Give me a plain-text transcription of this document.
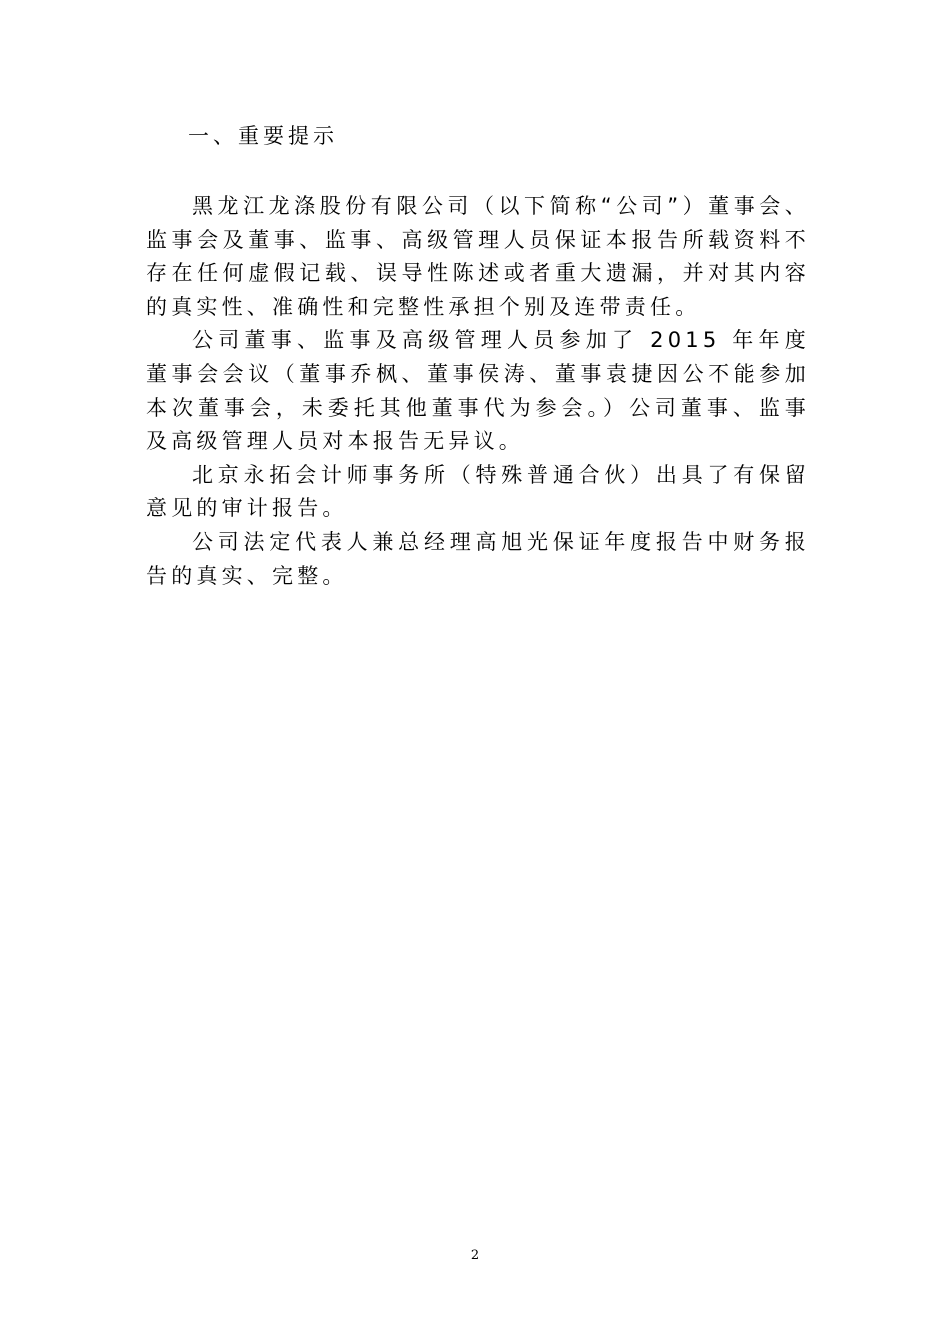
一、重要提示

黑龙江龙涤股份有限公司（以下简称“公司”）董事会、监事会及董事、监事、高级管理人员保证本报告所载资料不存在任何虚假记载、误导性陈述或者重大遗漏，并对其内容的真实性、准确性和完整性承担个别及连带责任。

公司董事、监事及高级管理人员参加了 2015 年年度董事会会议（董事乔枫、董事侯涛、董事袁捷因公不能参加本次董事会，未委托其他董事代为参会。）公司董事、监事及高级管理人员对本报告无异议。

北京永拓会计师事务所（特殊普通合伙）出具了有保留意见的审计报告。

公司法定代表人兼总经理高旭光保证年度报告中财务报告的真实、完整。

2
